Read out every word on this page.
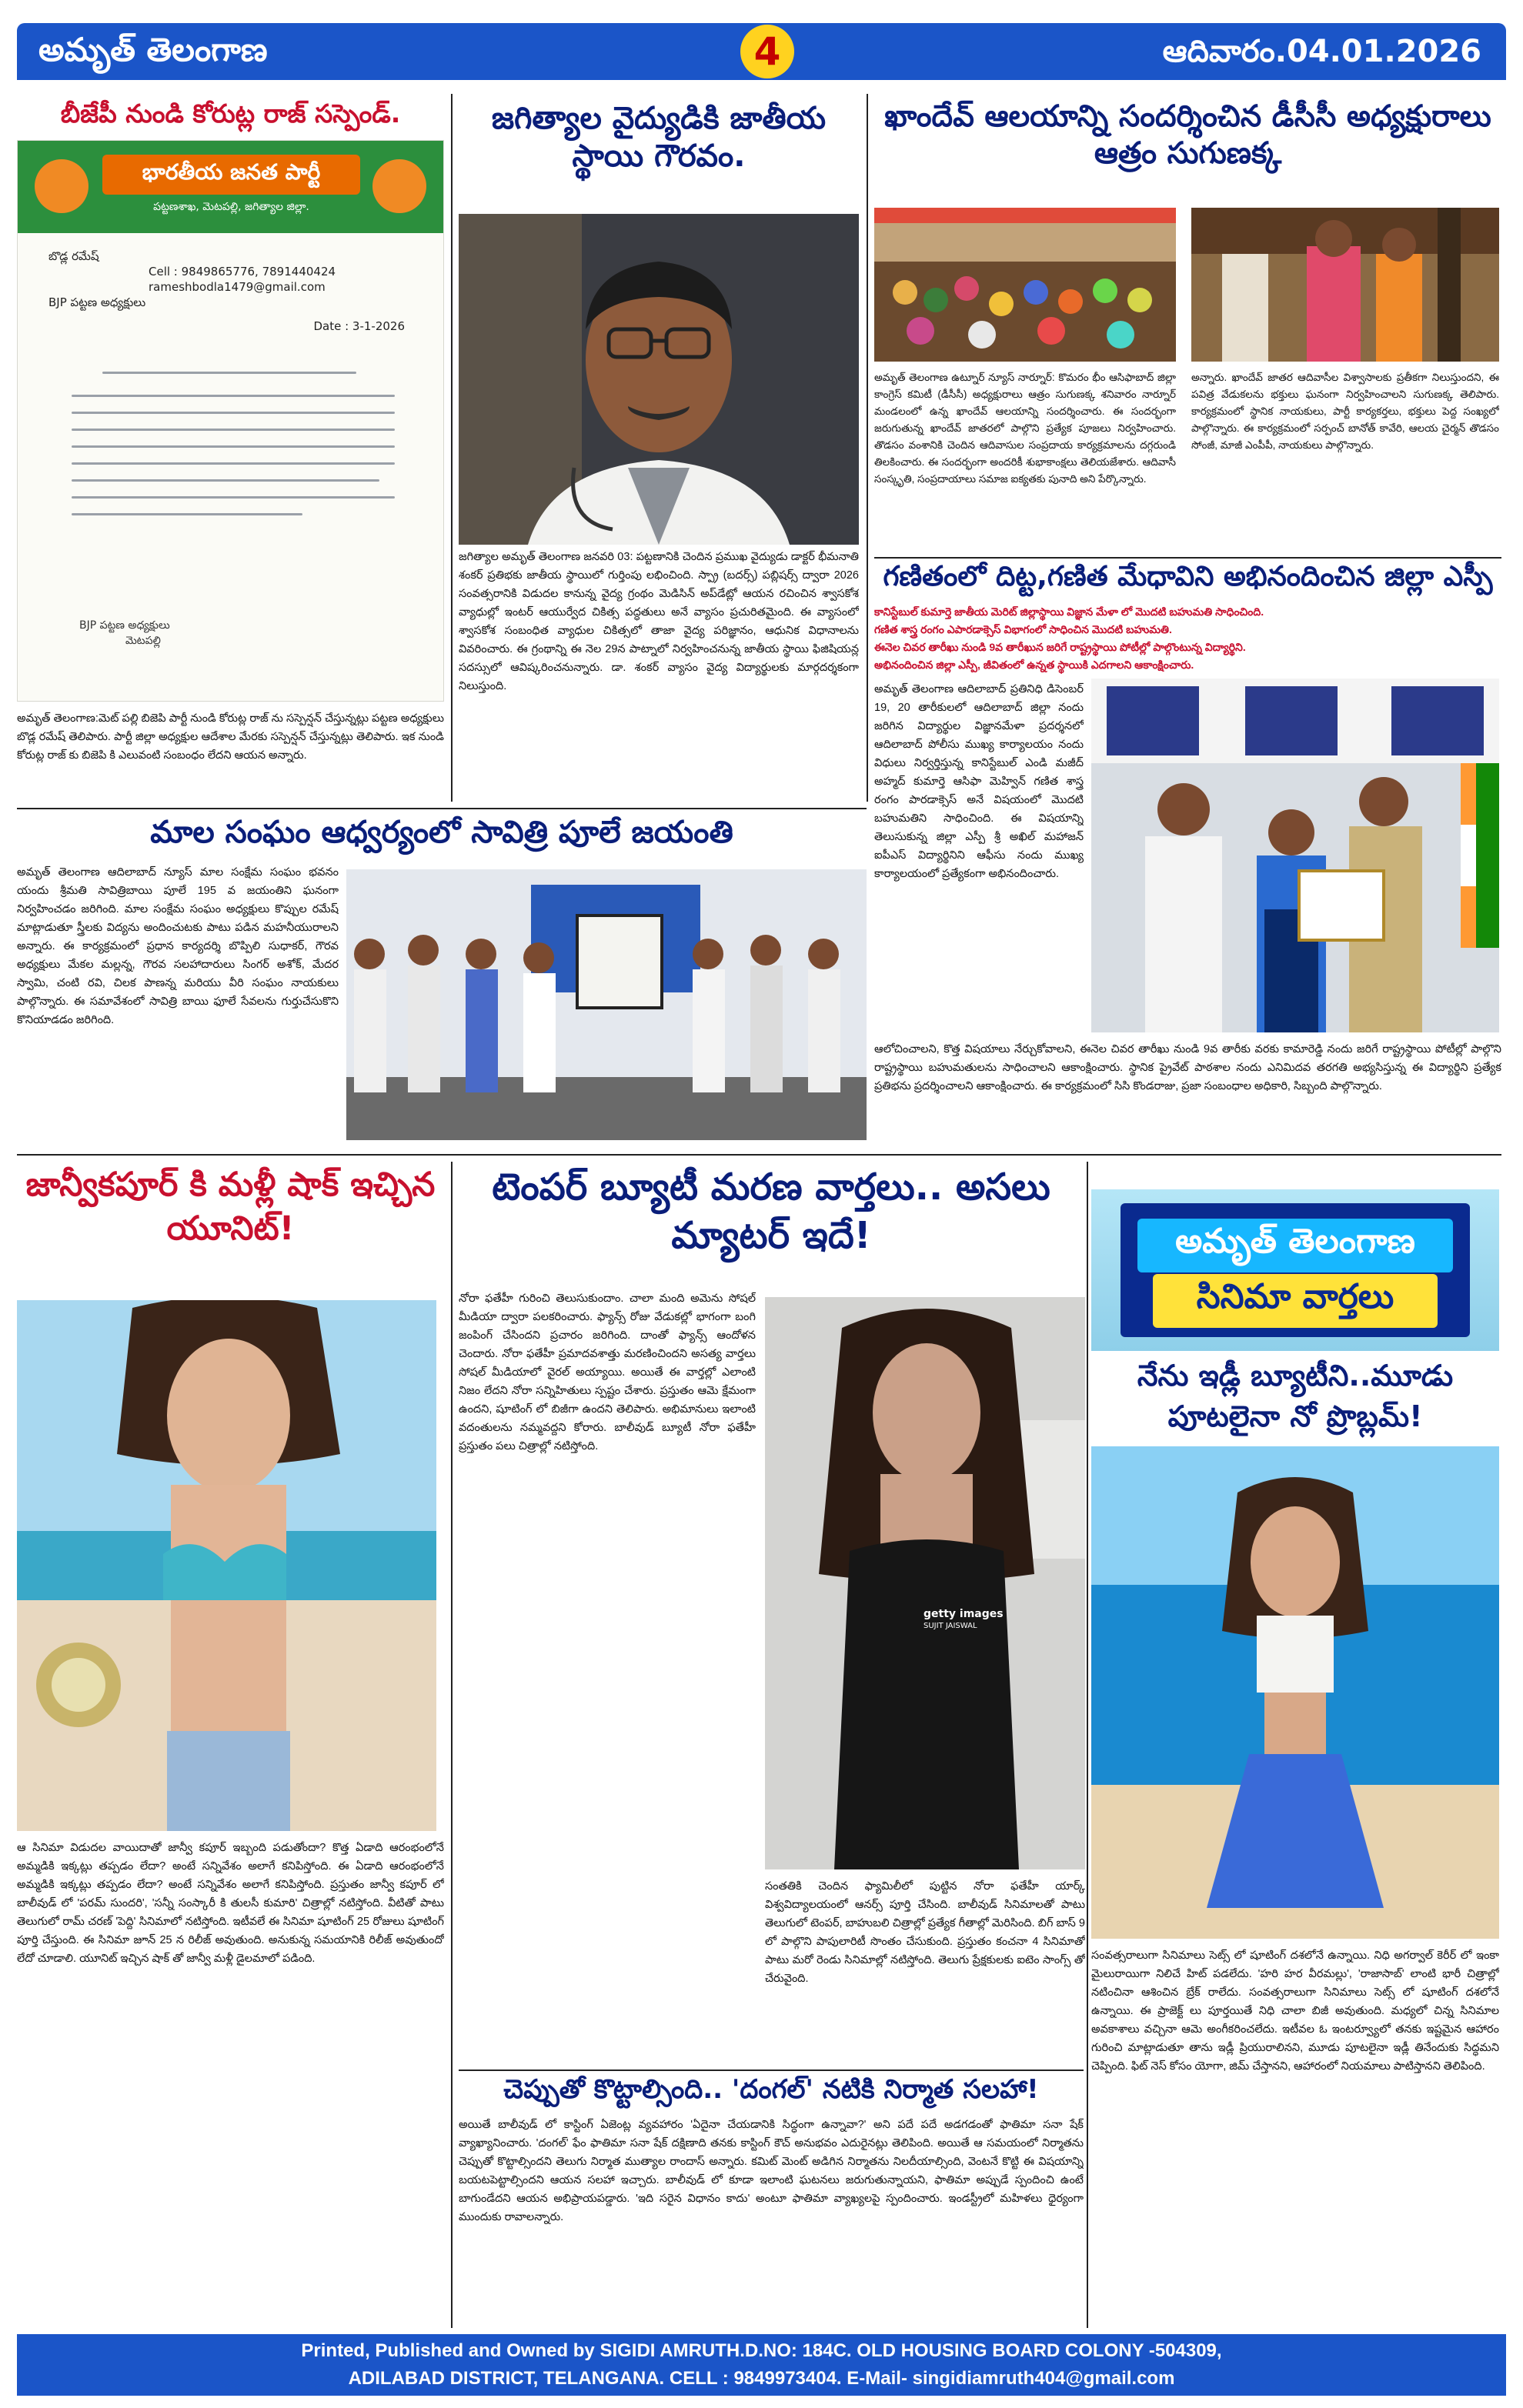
అమృత్ తెలంగాణ	4	ఆదివారం.04.01.2026
బీజేపీ నుండి కోరుట్ల రాజ్ సస్పెండ్.
భారతీయ జనత పార్టీ
పట్టణశాఖ, మెటపల్లి, జగిత్యాల జిల్లా.
బొడ్ల రమేష్
Cell : 9849865776, 7891440424
rameshbodla1479@gmail.com
BJP పట్టణ అధ్యక్షులు
Date : 3-1-2026
BJP పట్టణ అధ్యక్షులు
మెటపల్లి
అమృత్ తెలంగాణ:మెట్ పల్లి బిజెపి పార్టీ నుండి కోరుట్ల రాజ్ ను సస్పెన్షన్ చేస్తున్నట్లు పట్టణ అధ్యక్షులు బొడ్ల రమేష్ తెలిపారు. పార్టీ జిల్లా అధ్యక్షుల ఆదేశాల మేరకు సస్పెన్షన్ చేస్తున్నట్లు తెలిపారు. ఇక నుండి కోరుట్ల రాజ్ కు బిజెపి కి ఎలువంటి సంబంధం లేదని ఆయన అన్నారు.
జగిత్యాల వైద్యుడికి జాతీయ స్థాయి గౌరవం.
జగిత్యాల అమృత్ తెలంగాణ జనవరి 03: పట్టణానికి చెందిన ప్రముఖ వైద్యుడు డాక్టర్ భీమనాతి శంకర్ ప్రతిభకు జాతీయ స్థాయిలో గుర్తింపు లభించింది. స్ప్రా (బదర్స్) పబ్లిషర్స్ ద్వారా 2026 సంవత్సరానికి విడుదల కానున్న వైద్య గ్రంథం మెడిసిన్ అప్‌డేట్లో ఆయన రచించిన శ్వాసకోశ వ్యాధుల్లో ఇంటర్ ఆయుర్వేద చికిత్స పద్ధతులు అనే వ్యాసం ప్రచురితమైంది. ఈ వ్యాసంలో శ్వాసకోశ సంబంధిత వ్యాధుల చికిత్సలో తాజా వైద్య పరిజ్ఞానం, ఆధునిక విధానాలను వివరించారు. ఈ గ్రంథాన్ని ఈ నెల 29న పాట్నాలో నిర్వహించనున్న జాతీయ స్థాయి ఫిజిషియన్ల సదస్సులో ఆవిష్కరించనున్నారు. డా. శంకర్ వ్యాసం వైద్య విద్యార్థులకు మార్గదర్శకంగా నిలుస్తుంది.
ఖాందేవ్ ఆలయాన్ని సందర్శించిన డీసీసీ అధ్యక్షురాలు ఆత్రం సుగుణక్క
అమృత్ తెలంగాణ ఉట్నూర్ న్యూస్ నార్నూర్: కొమరం భీం ఆసిఫాబాద్ జిల్లా కాంగ్రెస్ కమిటీ (డీసీసీ) అధ్యక్షురాలు ఆత్రం సుగుణక్క శనివారం నార్నూర్ మండలంలో ఉన్న ఖాందేవ్ ఆలయాన్ని సందర్శించారు. ఈ సందర్భంగా జరుగుతున్న ఖాందేవ్ జాతరలో పాల్గొని ప్రత్యేక పూజలు నిర్వహించారు. తొడసం వంశానికి చెందిన ఆదివాసుల సంప్రదాయ కార్యక్రమాలను దగ్గరుండి తిలకించారు. ఈ సందర్భంగా అందరికీ శుభాకాంక్షలు తెలియజేశారు. ఆదివాసీ సంస్కృతి, సంప్రదాయాలు సమాజ ఐక్యతకు పునాది అని పేర్కొన్నారు.
అన్నారు. ఖాందేవ్ జాతర ఆదివాసీల విశ్వాసాలకు ప్రతీకగా నిలుస్తుందని, ఈ పవిత్ర వేడుకలను భక్తులు ఘనంగా నిర్వహించాలని సుగుణక్క తెలిపారు. కార్యక్రమంలో స్థానిక నాయకులు, పార్టీ కార్యకర్తలు, భక్తులు పెద్ద సంఖ్యలో పాల్గొన్నారు. ఈ కార్యక్రమంలో సర్పంచ్ బానోత్ కావేరి, ఆలయ చైర్మన్ తొడసం సోంజీ, మాజీ ఎంపీపీ, నాయకులు పాల్గొన్నారు.
గణితంలో దిట్ట,గణిత మేధావిని అభినందించిన జిల్లా ఎస్పీ
కానిస్టేబుల్ కుమార్తె జాతీయ మెరిట్ జిల్లాస్థాయి విజ్ఞాన మేళా లో మొదటి బహుమతి సాధించింది.
గణిత శాస్త్ర రంగం ఎపారడాక్సెస్ విభాగంలో సాధించిన మొదటి బహుమతి.
ఈనెల చివర తారీఖు నుండి 9వ తారీఖున జరిగే రాష్ట్రస్థాయి పోటీల్లో పాల్గొంటున్న విద్యార్థిని.
అభినందించిన జిల్లా ఎస్పీ, జీవితంలో ఉన్నత స్థాయికి ఎదగాలని ఆకాంక్షించారు.
అమృత్ తెలంగాణ ఆదిలాబాద్ ప్రతినిధి డిసెంబర్ 19, 20 తారీకులలో ఆదిలాబాద్ జిల్లా నందు జరిగిన విద్యార్థుల విజ్ఞానమేళా ప్రదర్శనలో ఆదిలాబాద్ పోలీసు ముఖ్య కార్యాలయం నందు విధులు నిర్వర్తిస్తున్న కానిస్టేబుల్ ఎండి మజీద్ అహ్మద్ కుమార్తె ఆసిఫా మెహ్విన్ గణిత శాస్త్ర రంగం పారడాక్సెస్ అనే విషయంలో మొదటి బహుమతిని సాధించింది. ఈ విషయాన్ని తెలుసుకున్న జిల్లా ఎస్పీ శ్రీ అఖిల్ మహాజన్ ఐపీఎస్ విద్యార్థినిని ఆఫీసు నందు ముఖ్య కార్యాలయంలో ప్రత్యేకంగా అభినందించారు.
ఆలోచించాలని, కొత్త విషయాలు నేర్చుకోవాలని, ఈనెల చివర తారీఖు నుండి 9వ తారీకు వరకు కామారెడ్డి నందు జరిగే రాష్ట్రస్థాయి పోటీల్లో పాల్గొని రాష్ట్రస్థాయి బహుమతులను సాధించాలని ఆకాంక్షించారు. స్థానిక ప్రైవేట్ పాఠశాల నందు ఎనిమిదవ తరగతి అభ్యసిస్తున్న ఈ విద్యార్థిని ప్రత్యేక ప్రతిభను ప్రదర్శించాలని ఆకాంక్షించారు. ఈ కార్యక్రమంలో సిసి కొండరాజు, ప్రజా సంబంధాల అధికారి, సిబ్బంది పాల్గొన్నారు.
మాల సంఘం ఆధ్వర్యంలో సావిత్రి పూలే జయంతి
అమృత్ తెలంగాణ ఆదిలాబాద్ న్యూస్ మాల సంక్షేమ సంఘం భవనం యందు శ్రీమతి సావిత్రిబాయి పూలే 195 వ జయంతిని ఘనంగా నిర్వహించడం జరిగింది. మాల సంక్షేమ సంఘం అధ్యక్షులు కొప్పుల రమేష్ మాట్లాడుతూ స్త్రీలకు విద్యను అందించుటకు పాటు పడిన మహనీయురాలని అన్నారు. ఈ కార్యక్రమంలో ప్రధాన కార్యదర్శి బొప్పిలి సుధాకర్, గౌరవ అధ్యక్షులు మేకల మల్లన్న, గౌరవ సలహాదారులు సింగర్ అశోక్, మేదర స్వామి, చంటి రవి, చిలక పాణన్న మరియు వీరి సంఘం నాయకులు పాల్గొన్నారు. ఈ సమావేశంలో సావిత్రి బాయి ఫూలే సేవలను గుర్తుచేసుకొని కొనియాడడం జరిగింది.
జాన్వీకపూర్ కి మళ్లీ షాక్ ఇచ్చిన యూనిట్!
ఆ సినిమా విడుదల వాయిదాతో జాన్వీ కపూర్ ఇబ్బంది పడుతోందా? కొత్త ఏడాది ఆరంభంలోనే అమ్మడికి ఇక్కట్లు తప్పడం లేదా? అంటే సన్నివేశం అలాగే కనిపిస్తోంది. ఈ ఏడాది ఆరంభంలోనే అమ్మడికి ఇక్కట్లు తప్పడం లేదా? అంటే సన్నివేశం అలాగే కనిపిస్తోంది. ప్రస్తుతం జాన్వీ కపూర్ లో బాలీవుడ్ లో 'పరమ్ సుందరి', 'సన్నీ సంస్కారీ కి తులసీ కుమారి' చిత్రాల్లో నటిస్తోంది. వీటితో పాటు తెలుగులో రామ్ చరణ్ 'పెద్ది' సినిమాలో నటిస్తోంది. ఇటీవలే ఈ సినిమా షూటింగ్ 25 రోజులు షూటింగ్ పూర్తి చేస్తుంది. ఈ సినిమా జూన్ 25 న రిలీజ్ అవుతుంది. అనుకున్న సమయానికి రిలీజ్ అవుతుందో లేదో చూడాలి. యూనిట్ ఇచ్చిన షాక్ తో జాన్వీ మళ్లీ డైలమాలో పడింది.
టెంపర్ బ్యూటీ మరణ వార్తలు.. అసలు మ్యాటర్ ఇదే!
నోరా ఫతేహీ గురించి తెలుసుకుందాం. చాలా మంది అమెను సోషల్ మీడియా ద్వారా పలకరించారు. ఫ్యాన్స్ రోజు వేడుకల్లో భాగంగా బంగి జంపింగ్ చేసిందని ప్రచారం జరిగింది. దాంతో ఫ్యాన్స్ ఆందోళన చెందారు. నోరా ఫతేహీ ప్రమాదవశాత్తు మరణించిందని అసత్య వార్తలు సోషల్ మీడియాలో వైరల్ అయ్యాయి. అయితే ఈ వార్తల్లో ఎలాంటి నిజం లేదని నోరా సన్నిహితులు స్పష్టం చేశారు. ప్రస్తుతం ఆమె క్షేమంగా ఉందని, షూటింగ్ లో బిజీగా ఉందని తెలిపారు. అభిమానులు ఇలాంటి వదంతులను నమ్మవద్దని కోరారు. బాలీవుడ్ బ్యూటీ నోరా ఫతేహీ ప్రస్తుతం పలు చిత్రాల్లో నటిస్తోంది.
getty images
SUJIT JAISWAL
సంతతికి చెందిన ఫ్యామిలీలో పుట్టిన నోరా ఫతేహీ యార్క్ విశ్వవిద్యాలయంలో ఆనర్స్ పూర్తి చేసింది. బాలీవుడ్ సినిమాలతో పాటు తెలుగులో టెంపర్, బాహుబలి చిత్రాల్లో ప్రత్యేక గీతాల్లో మెరిసింది. బిగ్ బాస్ 9 లో పాల్గొని పాపులారిటీ సొంతం చేసుకుంది. ప్రస్తుతం కంచనా 4 సినిమాతో పాటు మరో రెండు సినిమాల్లో నటిస్తోంది. తెలుగు ప్రేక్షకులకు ఐటెం సాంగ్స్ తో చేరువైంది.
చెప్పుతో కొట్టాల్సింది.. 'దంగల్' నటికి నిర్మాత సలహా!
అయితే బాలీవుడ్ లో కాస్టింగ్ ఏజెంట్ల వ్యవహారం 'ఏదైనా చేయడానికి సిద్ధంగా ఉన్నావా?' అని పదే పదే అడగడంతో ఫాతిమా సనా షేక్ వ్యాఖ్యానించారు. 'దంగల్' ఫేం ఫాతిమా సనా షేక్ దక్షిణాది తనకు కాస్టింగ్ కౌచ్ అనుభవం ఎదురైనట్లు తెలిపింది. అయితే ఆ సమయంలో నిర్మాతను చెప్పుతో కొట్టాల్సిందని తెలుగు నిర్మాత ముత్యాల రాందాస్ అన్నారు. కమిట్ మెంట్ అడిగిన నిర్మాతను నిలదీయాల్సింది, వెంటనే కొట్టి ఈ విషయాన్ని బయటపెట్టాల్సిందని ఆయన సలహా ఇచ్చారు. బాలీవుడ్ లో కూడా ఇలాంటి ఘటనలు జరుగుతున్నాయని, ఫాతిమా అప్పుడే స్పందించి ఉంటే బాగుండేదని ఆయన అభిప్రాయపడ్డారు. 'ఇది సరైన విధానం కాదు' అంటూ ఫాతిమా వ్యాఖ్యలపై స్పందించారు. ఇండస్ట్రీలో మహిళలు ధైర్యంగా ముందుకు రావాలన్నారు.
అమృత్ తెలంగాణ
సినిమా వార్తలు
నేను ఇడ్లీ బ్యూటీని..మూడు పూటలైనా నో ప్రొబ్లమ్!
సంవత్సరాలుగా సినిమాలు సెట్స్ లో షూటింగ్ దశలోనే ఉన్నాయి. నిధి అగర్వాల్ కెరీర్ లో ఇంకా మైలురాయిగా నిలిచే హిట్ పడలేదు. 'హరి హర వీరమల్లు', 'రాజాసాబ్' లాంటి భారీ చిత్రాల్లో నటించినా ఆశించిన బ్రేక్ రాలేదు. సంవత్సరాలుగా సినిమాలు సెట్స్ లో షూటింగ్ దశలోనే ఉన్నాయి. ఈ ప్రాజెక్ట్ లు పూర్తయితే నిధి చాలా బిజీ అవుతుంది. మధ్యలో చిన్న సినిమాల అవకాశాలు వచ్చినా ఆమె అంగీకరించలేదు. ఇటీవల ఓ ఇంటర్వ్యూలో తనకు ఇష్టమైన ఆహారం గురించి మాట్లాడుతూ తాను ఇడ్లీ ప్రియురాలినని, మూడు పూటలైనా ఇడ్లీ తినేందుకు సిద్ధమని చెప్పింది. ఫిట్ నెస్ కోసం యోగా, జిమ్ చేస్తానని, ఆహారంలో నియమాలు పాటిస్తానని తెలిపింది.
Printed, Published and Owned by SIGIDI AMRUTH.D.NO: 184C. OLD HOUSING BOARD COLONY -504309,
ADILABAD DISTRICT, TELANGANA. CELL : 9849973404. E-Mail- singidiamruth404@gmail.com
